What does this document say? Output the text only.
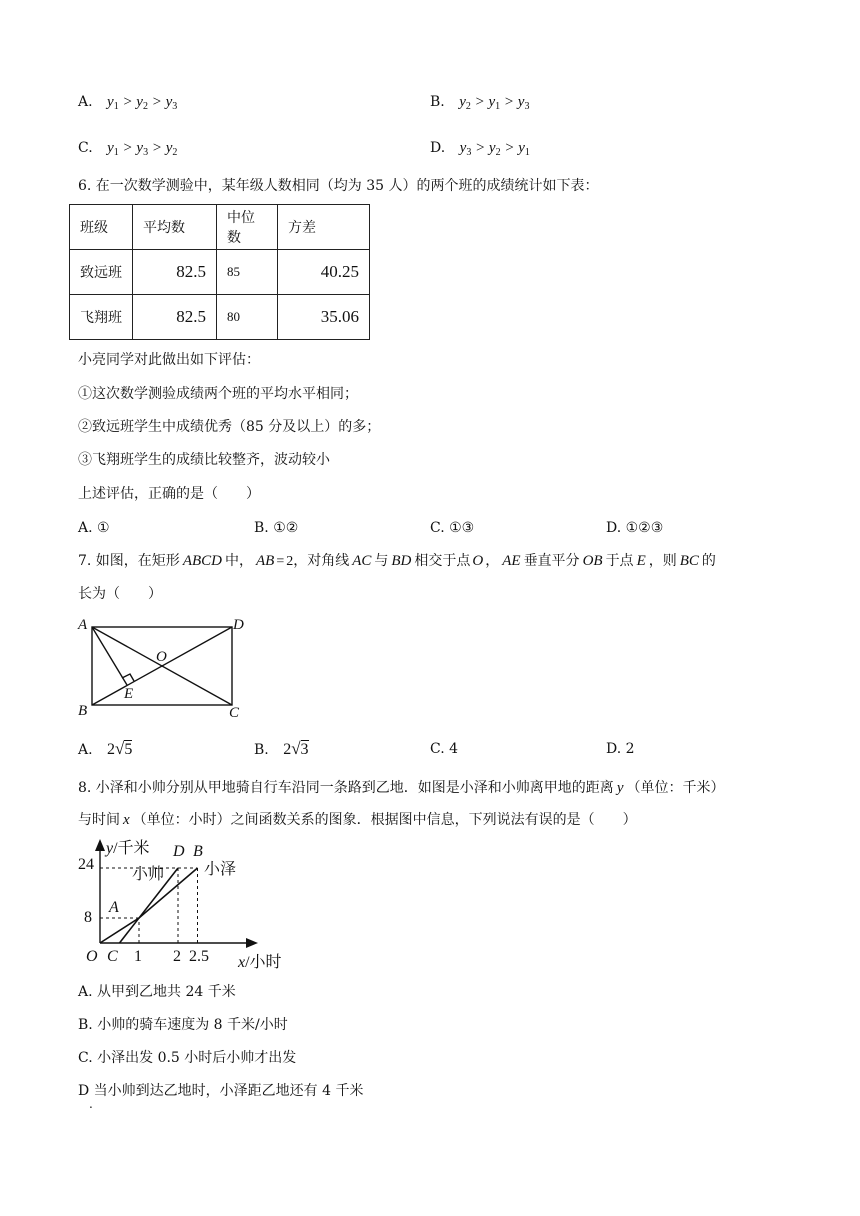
A. $y_1 > y_2 > y_3$	B. $y_2 > y_1 > y_3$
C. $y_1 > y_3 > y_2$	D. $y_3 > y_2 > y_1$
6. 在一次数学测验中，某年级人数相同（均为 35 人）的两个班的成绩统计如下表：
班级	平均数	中位数	方差
致远班	82.5	85	40.25
飞翔班	82.5	80	35.06
小亮同学对此做出如下评估：
①这次数学测验成绩两个班的平均水平相同；
②致远班学生中成绩优秀（85 分及以上）的多；
③飞翔班学生的成绩比较整齐，波动较小
上述评估，正确的是（　　）
A. ①	B. ①②	C. ①③	D. ①②③
7. 如图，在矩形 ABCD 中， AB = 2，对角线 AC 与 BD 相交于点 O ， AE 垂直平分 OB 于点 E ，则 BC 的
长为（　　）
A	D
B	C
O
E
A. 2√5	B. 2√3	C. 4	D. 2
8. 小泽和小帅分别从甲地骑自行车沿同一条路到乙地．如图是小泽和小帅离甲地的距离 y （单位：千米）
与时间 x （单位：小时）之间函数关系的图象．根据图中信息，下列说法有误的是（　　）
y/千米
x/小时
24
8
1 2 2.5
O C
A
D B
小帅 小泽
A. 从甲到乙地共 24 千米
B. 小帅的骑车速度为 8 千米/小时
C. 小泽出发 0.5 小时后小帅才出发
D 当小帅到达乙地时，小泽距乙地还有 4 千米
.
